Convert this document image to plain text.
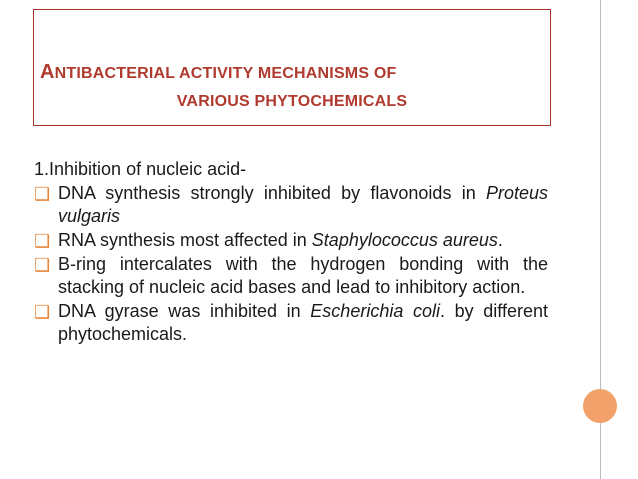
ANTIBACTERIAL ACTIVITY MECHANISMS OF
VARIOUS PHYTOCHEMICALS

1.Inhibition of nucleic acid-

❑ DNA synthesis strongly inhibited by flavonoids in Proteus vulgaris

❑ RNA synthesis most affected in Staphylococcus aureus.

❑ B-ring intercalates with the hydrogen bonding with the stacking of nucleic acid bases and lead to inhibitory action.

❑ DNA gyrase was inhibited in Escherichia coli. by different phytochemicals.
